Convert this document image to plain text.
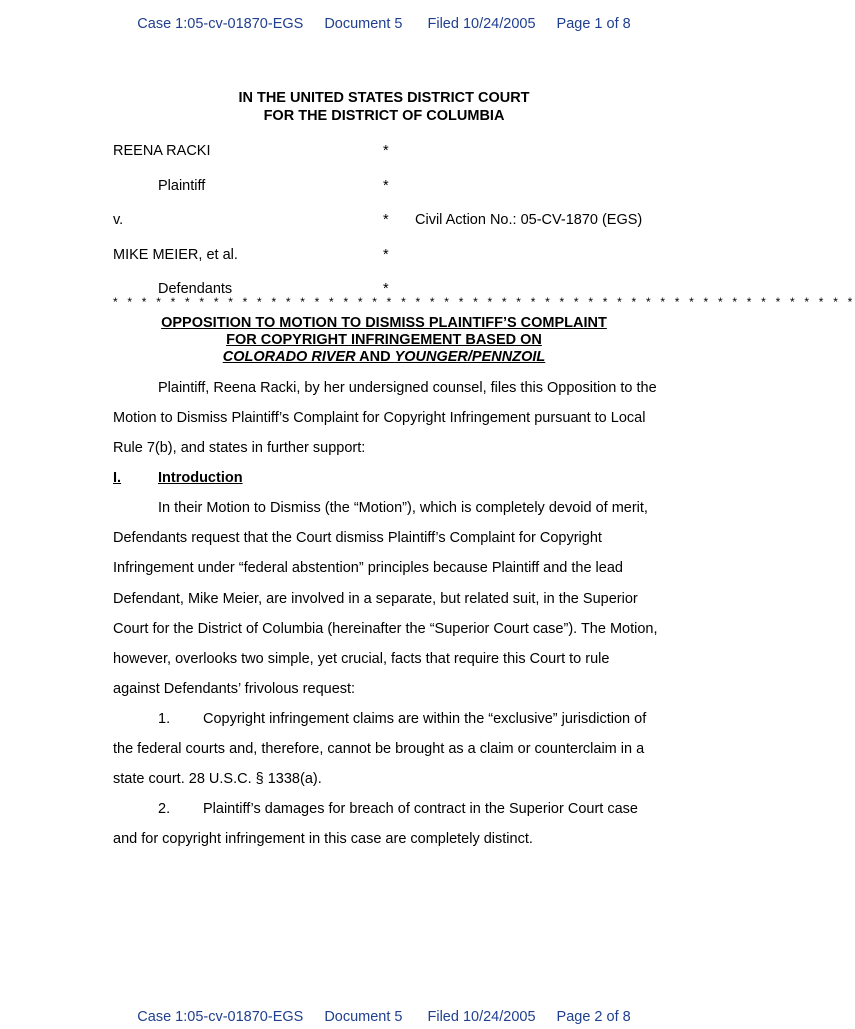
Case 1:05-cv-01870-EGS Document 5 Filed 10/24/2005 Page 1 of 8
IN THE UNITED STATES DISTRICT COURT
FOR THE DISTRICT OF COLUMBIA
REENA RACKI	*
Plaintiff	*
v.	* Civil Action No.: 05-CV-1870 (EGS)
MIKE MEIER, et al.	*
Defendants	*
* * * * * * * * * * * * * * * * * * * * * * * * * * * * * * * * * * * * * * * * * * * * * * * * * * * *
OPPOSITION TO MOTION TO DISMISS PLAINTIFF’S COMPLAINT
FOR COPYRIGHT INFRINGEMENT BASED ON
COLORADO RIVER AND YOUNGER/PENNZOIL
Plaintiff, Reena Racki, by her undersigned counsel, files this Opposition to the Motion to Dismiss Plaintiff’s Complaint for Copyright Infringement pursuant to Local Rule 7(b), and states in further support:
I.	Introduction
In their Motion to Dismiss (the “Motion”), which is completely devoid of merit, Defendants request that the Court dismiss Plaintiff’s Complaint for Copyright Infringement under “federal abstention” principles because Plaintiff and the lead Defendant, Mike Meier, are involved in a separate, but related suit, in the Superior Court for the District of Columbia (hereinafter the “Superior Court case”). The Motion, however, overlooks two simple, yet crucial, facts that require this Court to rule against Defendants’ frivolous request:
1. Copyright infringement claims are within the “exclusive” jurisdiction of the federal courts and, therefore, cannot be brought as a claim or counterclaim in a state court. 28 U.S.C. § 1338(a).
2. Plaintiff’s damages for breach of contract in the Superior Court case and for copyright infringement in this case are completely distinct.
Case 1:05-cv-01870-EGS Document 5 Filed 10/24/2005 Page 2 of 8
